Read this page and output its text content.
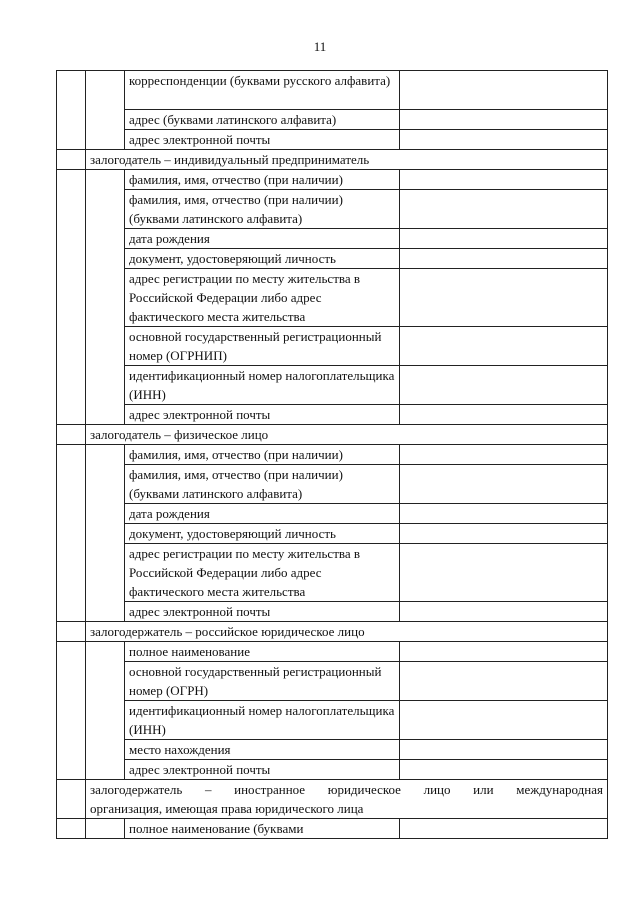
11
		корреспонденции (буквами русского алфавита)	
		адрес (буквами латинского алфавита)	
		адрес электронной почты	
	залогодатель – индивидуальный предприниматель		
		фамилия, имя, отчество (при наличии)	
		фамилия, имя, отчество (при наличии) (буквами латинского алфавита)	
		дата рождения	
		документ, удостоверяющий личность	
		адрес регистрации по месту жительства в Российской Федерации либо адрес фактического места жительства	
		основной государственный регистрационный номер (ОГРНИП)	
		идентификационный номер налогоплательщика (ИНН)	
		адрес электронной почты	
	залогодатель – физическое лицо		
		фамилия, имя, отчество (при наличии)	
		фамилия, имя, отчество (при наличии) (буквами латинского алфавита)	
		дата рождения	
		документ, удостоверяющий личность	
		адрес регистрации по месту жительства в Российской Федерации либо адрес фактического места жительства	
		адрес электронной почты	
	залогодержатель – российское юридическое лицо		
		полное наименование	
		основной государственный регистрационный номер (ОГРН)	
		идентификационный номер налогоплательщика (ИНН)	
		место нахождения	
		адрес электронной почты	

	залогодержатель – иностранное юридическое лицо или международная
организация, имеющая права юридического лица		

		полное наименование (буквами	
